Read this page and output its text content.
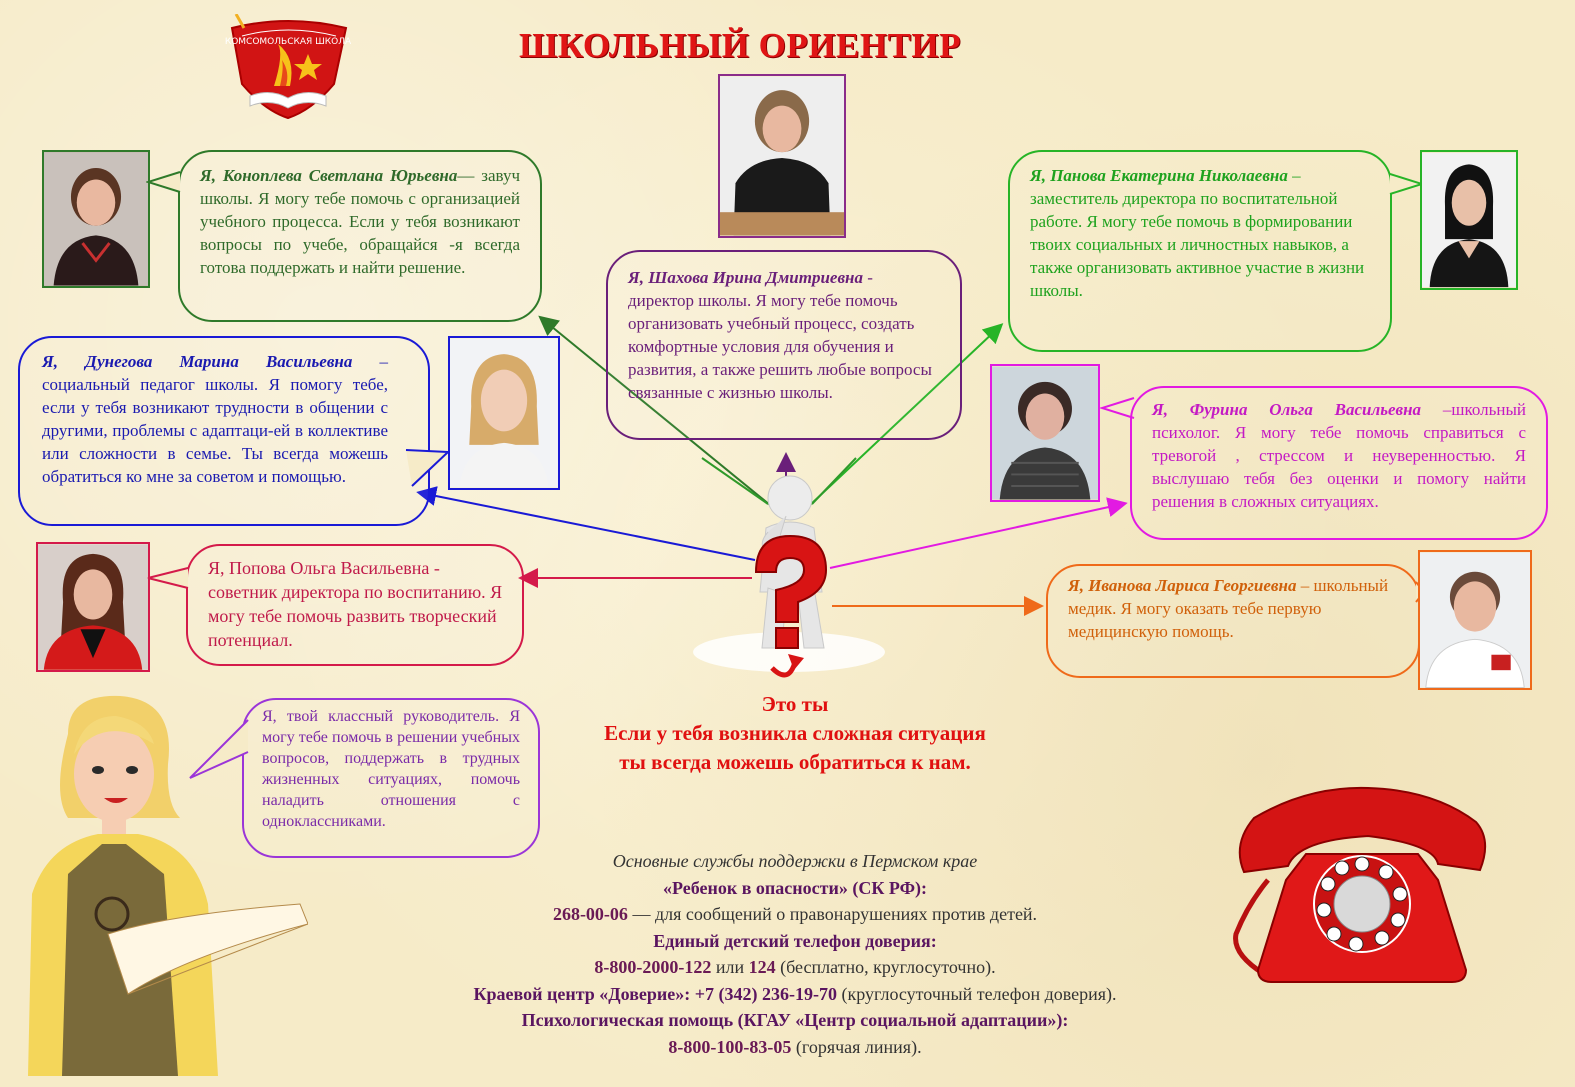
ШКОЛЬНЫЙ ОРИЕНТИР
КОМСОМОЛЬСКАЯ ШКОЛА
Я, Коноплева Светлана Юрьевна— завуч школы. Я могу тебе помочь с организацией учебного процесса. Если у тебя возникают вопросы по учебе, обращайся -я всегда готова поддержать и найти решение.
Я, Шахова Ирина Дмитриевна - директор школы. Я могу тебе помочь организовать учебный процесс, создать комфортные условия для обучения и развития, а также решить любые вопросы связанные с жизнью школы.
Я, Панова Екатерина Николаевна – заместитель директора по воспитательной работе. Я могу тебе помочь в формировании твоих социальных и личностных навыков, а также организовать активное участие в жизни школы.
Я, Дунегова Марина Васильевна – социальный педагог школы. Я помогу тебе, если у тебя возникают трудности в общении с другими, проблемы с адаптаци-ей в коллективе или сложности в семье. Ты всегда можешь обратиться ко мне за советом и помощью.
Я, Фурина Ольга Васильевна –школьный психолог. Я могу тебе помочь справиться с тревогой , стрессом и неуверенностью. Я выслушаю тебя без оценки и помогу найти решения в сложных ситуациях.
Я, Попова Ольга Васильевна - советник директора по воспитанию. Я могу тебе помочь развить творческий потенциал.
Я, Иванова Лариса Георгиевна – школьный медик. Я могу оказать тебе первую медицинскую помощь.
Это ты
Если у тебя возникла сложная ситуация ты всегда можешь обратиться к нам.
Я, твой классный руководитель. Я могу тебе помочь в решении учебных вопросов, поддержать в трудных жизненных ситуациях, помочь наладить отношения с одноклассниками.
Основные службы поддержки в Пермском крае
«Ребенок в опасности» (СК РФ):
268-00-06 — для сообщений о правонарушениях против детей.
Единый детский телефон доверия:
8-800-2000-122 или 124 (бесплатно, круглосуточно).
Краевой центр «Доверие»: +7 (342) 236-19-70 (круглосуточный телефон доверия).
Психологическая помощь (КГАУ «Центр социальной адаптации»):
8-800-100-83-05 (горячая линия).
